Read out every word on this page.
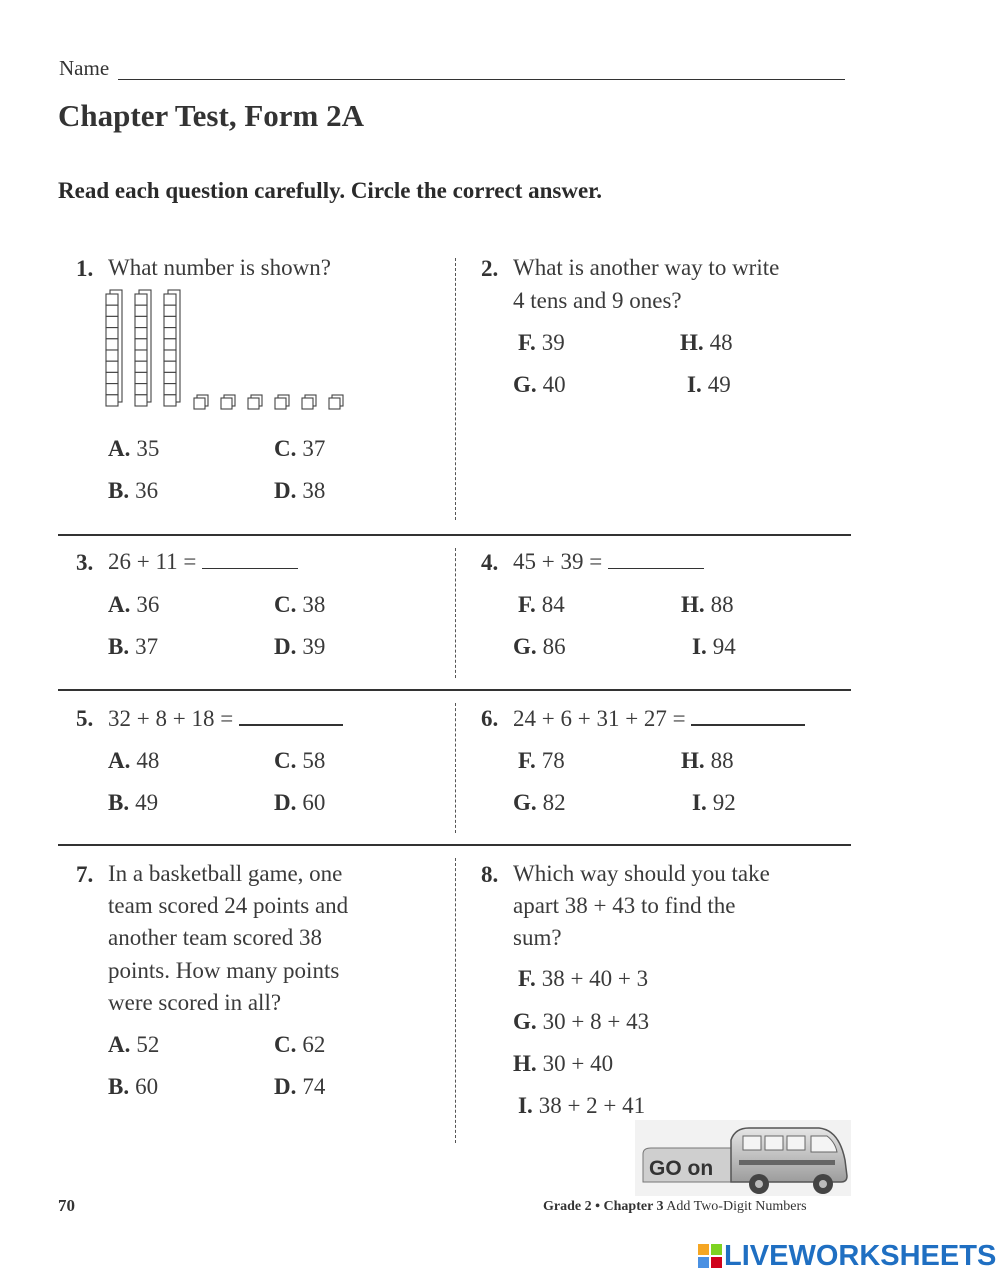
Name
Chapter Test, Form 2A
Read each question carefully. Circle the correct answer.
1. What number is shown?
A. 35	C. 37
B. 36	D. 38
2. What is another way to write
4 tens and 9 ones?
F. 39	H. 48
G. 40	I. 49
3. 26 + 11 =
A. 36	C. 38
B. 37	D. 39
4. 45 + 39 =
F. 84	H. 88
G. 86	I. 94
5. 32 + 8 + 18 =
A. 48	C. 58
B. 49	D. 60
6. 24 + 6 + 31 + 27 =
F. 78	H. 88
G. 82	I. 92
7. In a basketball game, one
team scored 24 points and
another team scored 38
points. How many points
were scored in all?
A. 52	C. 62
B. 60	D. 74
8. Which way should you take
apart 38 + 43 to find the
sum?
F. 38 + 40 + 3
G. 30 + 8 + 43
H. 30 + 40
I. 38 + 2 + 41
GO on
70	Grade 2 • Chapter 3 Add Two-Digit Numbers
LIVEWORKSHEETS
